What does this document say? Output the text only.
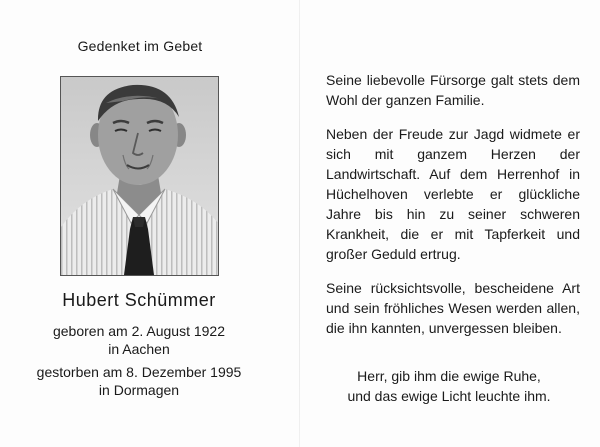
Gedenket im Gebet
Hubert Schümmer
geboren am 2. August 1922
in Aachen
gestorben am 8. Dezember 1995
in Dormagen

Seine liebevolle Fürsorge galt stets dem Wohl der ganzen Familie.

Neben der Freude zur Jagd widmete er sich mit ganzem Herzen der Landwirtschaft. Auf dem Herrenhof in Hüchelhoven verlebte er glückliche Jahre bis hin zu seiner schweren Krankheit, die er mit Tapferkeit und großer Geduld ertrug.

Seine rücksichtsvolle, bescheidene Art und sein fröhliches Wesen werden allen, die ihn kannten, unvergessen bleiben.

Herr, gib ihm die ewige Ruhe,
und das ewige Licht leuchte ihm.
